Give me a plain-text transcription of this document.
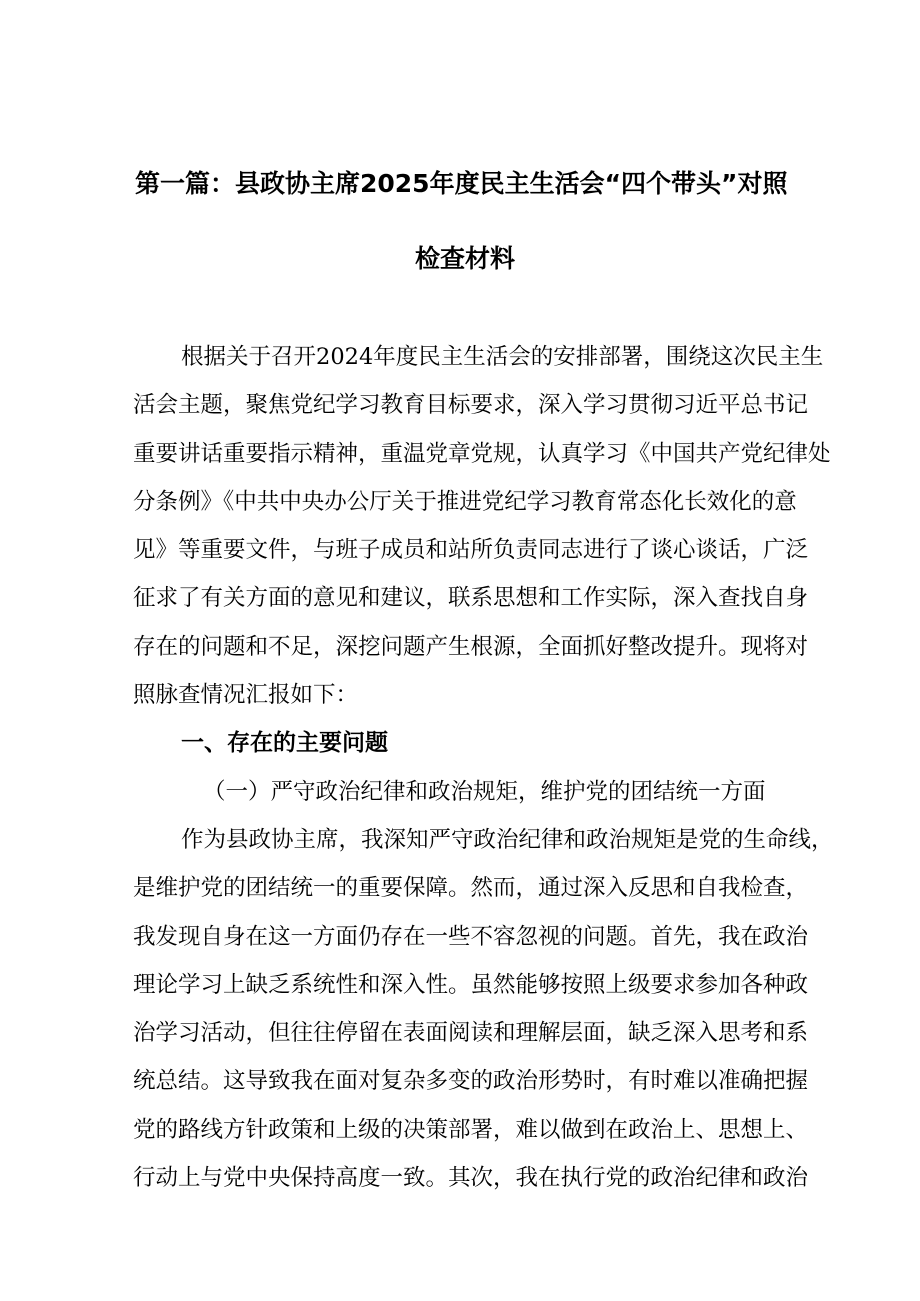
第一篇：县政协主席2025年度民主生活会“四个带头”对照
检查材料
根据关于召开2024年度民主生活会的安排部署，围绕这次民主生
活会主题，聚焦党纪学习教育目标要求，深入学习贯彻习近平总书记
重要讲话重要指示精神，重温党章党规，认真学习《中国共产党纪律处
分条例》《中共中央办公厅关于推进党纪学习教育常态化长效化的意
见》等重要文件，与班子成员和站所负责同志进行了谈心谈话，广泛
征求了有关方面的意见和建议，联系思想和工作实际，深入查找自身
存在的问题和不足，深挖问题产生根源，全面抓好整改提升。现将对
照脉查情况汇报如下：
一、存在的主要问题
（一）严守政治纪律和政治规矩，维护党的团结统一方面
作为县政协主席，我深知严守政治纪律和政治规矩是党的生命线，
是维护党的团结统一的重要保障。然而，通过深入反思和自我检查，
我发现自身在这一方面仍存在一些不容忽视的问题。首先，我在政治
理论学习上缺乏系统性和深入性。虽然能够按照上级要求参加各种政
治学习活动，但往往停留在表面阅读和理解层面，缺乏深入思考和系
统总结。这导致我在面对复杂多变的政治形势时，有时难以准确把握
党的路线方针政策和上级的决策部署，难以做到在政治上、思想上、
行动上与党中央保持高度一致。其次，我在执行党的政治纪律和政治
